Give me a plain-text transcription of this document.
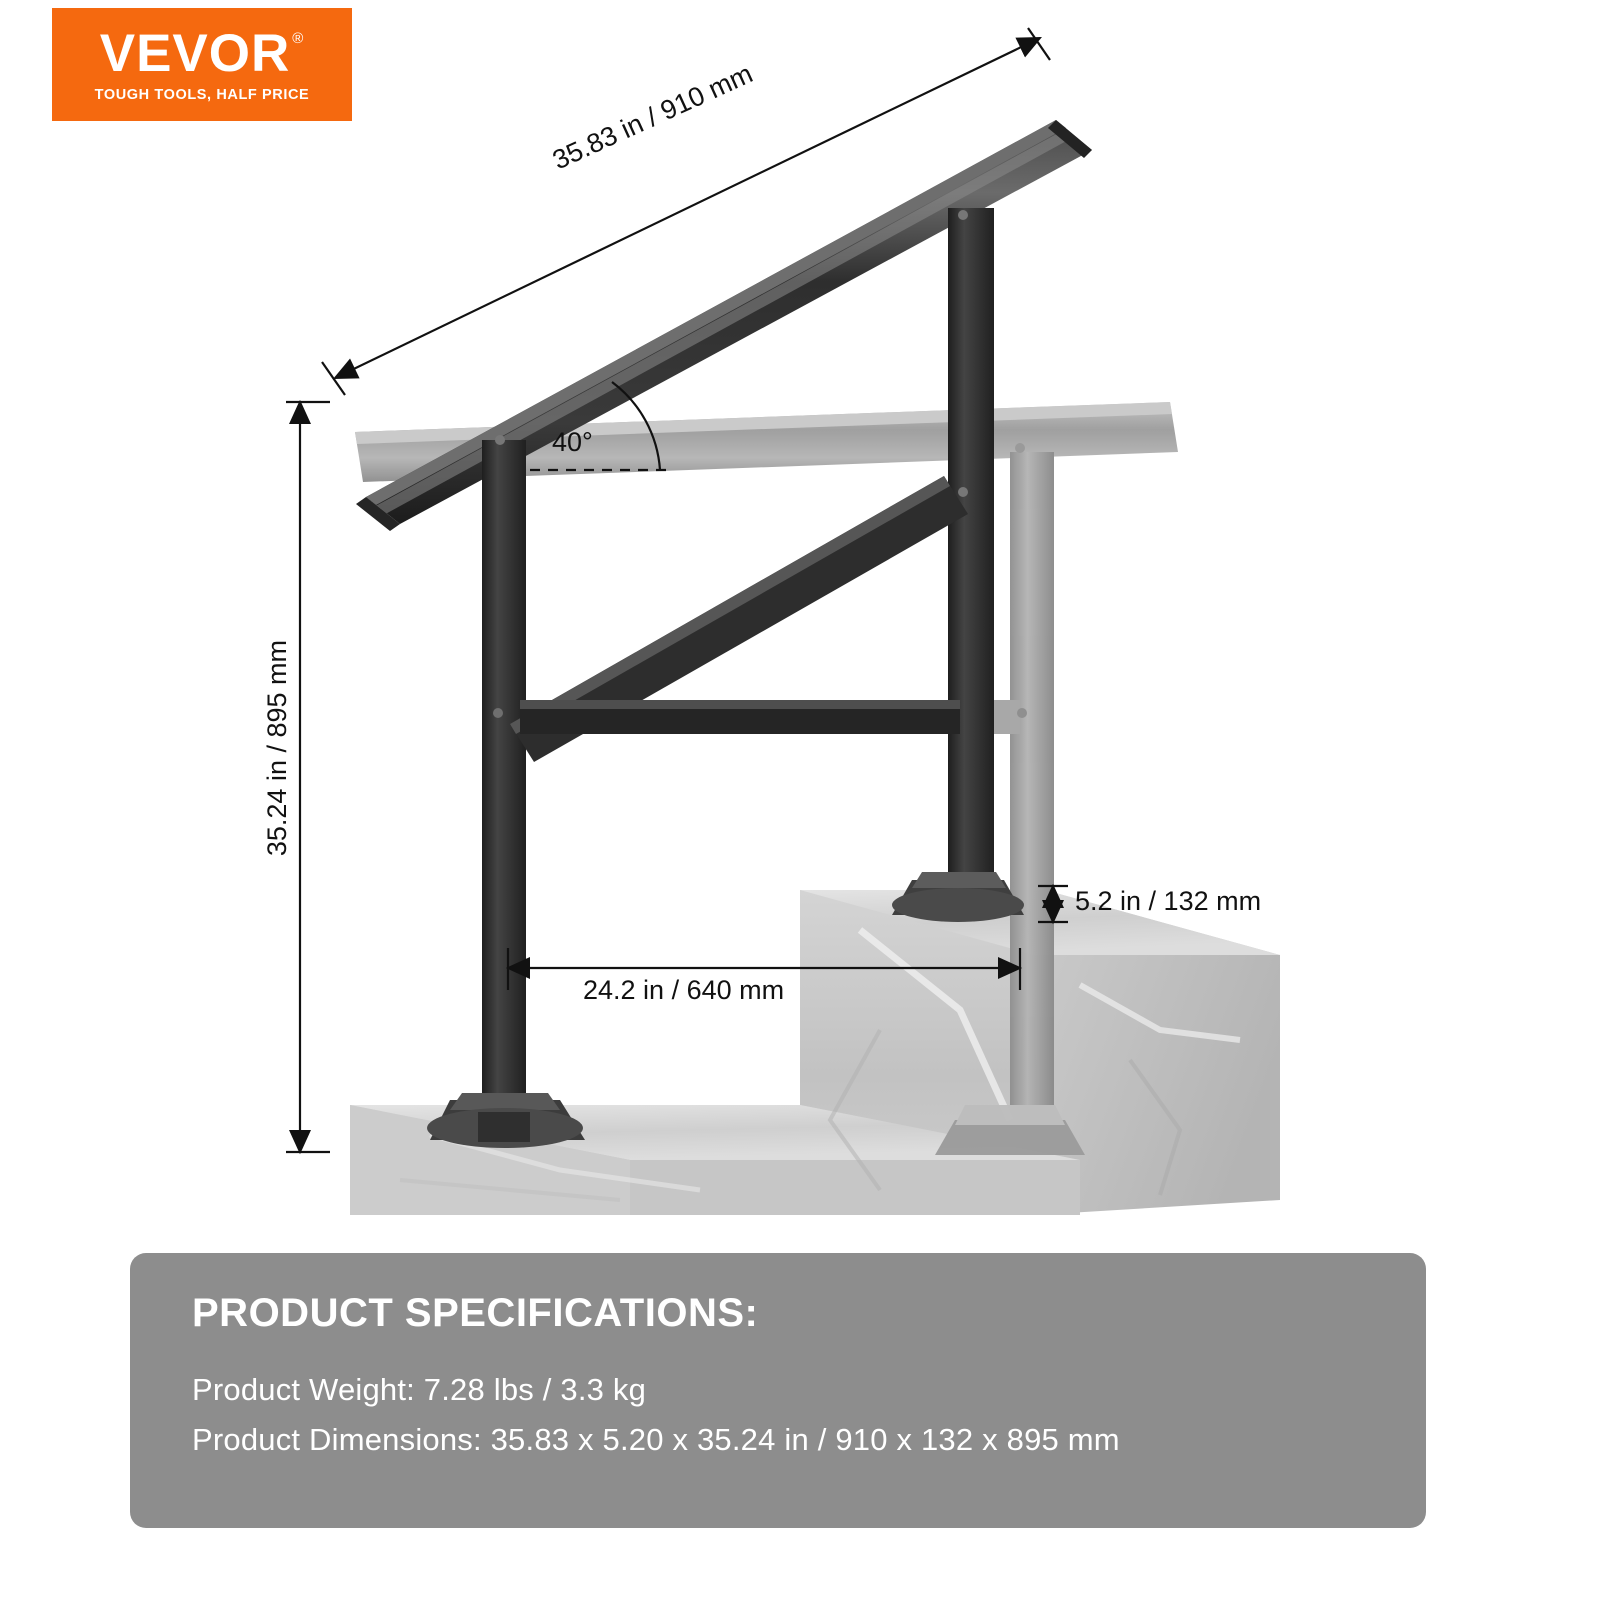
VEVOR ®
TOUGH TOOLS, HALF PRICE	35.83 in / 910 mm
35.24 in / 895 mm
40°
5.2 in / 132 mm
24.2 in / 640 mm
PRODUCT SPECIFICATIONS:
Product Weight: 7.28 lbs / 3.3 kg
Product Dimensions: 35.83 x 5.20 x 35.24 in / 910 x 132 x 895 mm
